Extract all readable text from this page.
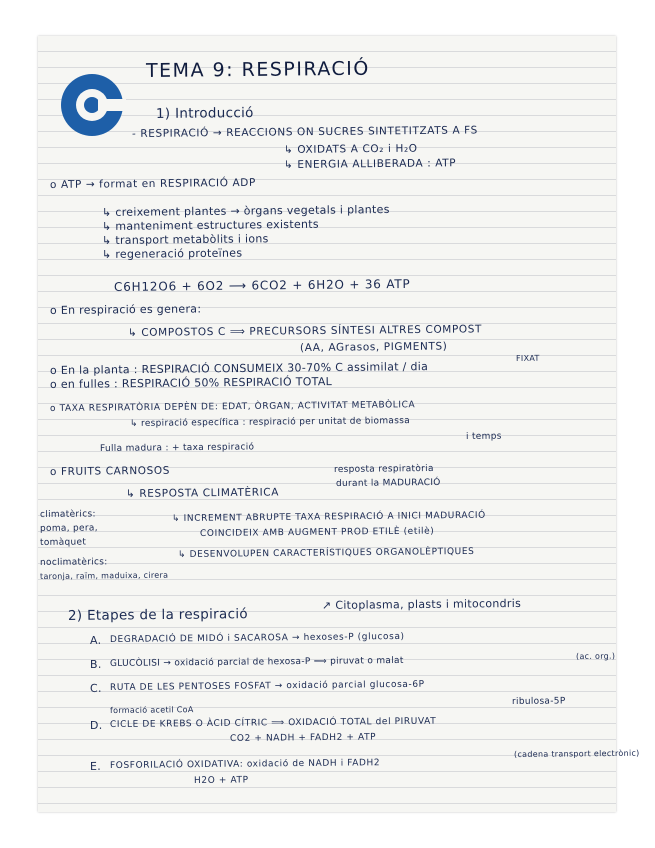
TEMA 9: RESPIRACIÓ
1) Introducció
- RESPIRACIÓ → REACCIONS ON SUCRES SINTETITZATS A FS
↳ OXIDATS A CO₂ i H₂O
↳ ENERGIA ALLIBERADA : ATP
o ATP → format en RESPIRACIÓ ADP
↳ creixement plantes → òrgans vegetals i plantes
↳ manteniment estructures existents
↳ transport metabòlits i ions
↳ regeneració proteïnes
C6H12O6 + 6O2 ⟶ 6CO2 + 6H2O + 36 ATP
o En respiració es genera:
↳ COMPOSTOS C ⟹ PRECURSORS SÍNTESI ALTRES COMPOST
(AA, AGrasos, PIGMENTS)
FIXAT
o En la planta : RESPIRACIÓ CONSUMEIX 30-70% C assimilat / dia
o en fulles : RESPIRACIÓ 50% RESPIRACIÓ TOTAL
o TAXA RESPIRATÒRIA DEPÈN DE: EDAT, ÒRGAN, ACTIVITAT METABÒLICA
↳ respiració específica : respiració per unitat de biomassa
i temps
Fulla madura : + taxa respiració
o FRUITS CARNOSOS	resposta respiratòria
durant la MADURACIÓ
↳ RESPOSTA CLIMATÈRICA
climatèrics:
poma, pera,
tomàquet
↳ INCREMENT ABRUPTE TAXA RESPIRACIÓ A INICI MADURACIÓ
COINCIDEIX AMB AUGMENT PROD ETILÈ (etilè)
noclimatèrics:
taronja, raïm, maduixa, cirera
↳ DESENVOLUPEN CARACTERÍSTIQUES ORGANOLÈPTIQUES
2) Etapes de la respiració
↗ Citoplasma, plasts i mitocondris
A. DEGRADACIÓ DE MIDÓ i SACAROSA → hexoses-P (glucosa)
B. GLUCÒLISI → oxidació parcial de hexosa-P ⟹ piruvat o malat	(ac. org.)
C. RUTA DE LES PENTOSES FOSFAT → oxidació parcial glucosa-6P
ribulosa-5P
formació acetil CoA
D. CICLE DE KREBS O ÀCID CÍTRIC ⟹ OXIDACIÓ TOTAL del PIRUVAT
CO2 + NADH + FADH2 + ATP
E. FOSFORILACIÓ OXIDATIVA: oxidació de NADH i FADH2
(cadena transport electrònic)
H2O + ATP
